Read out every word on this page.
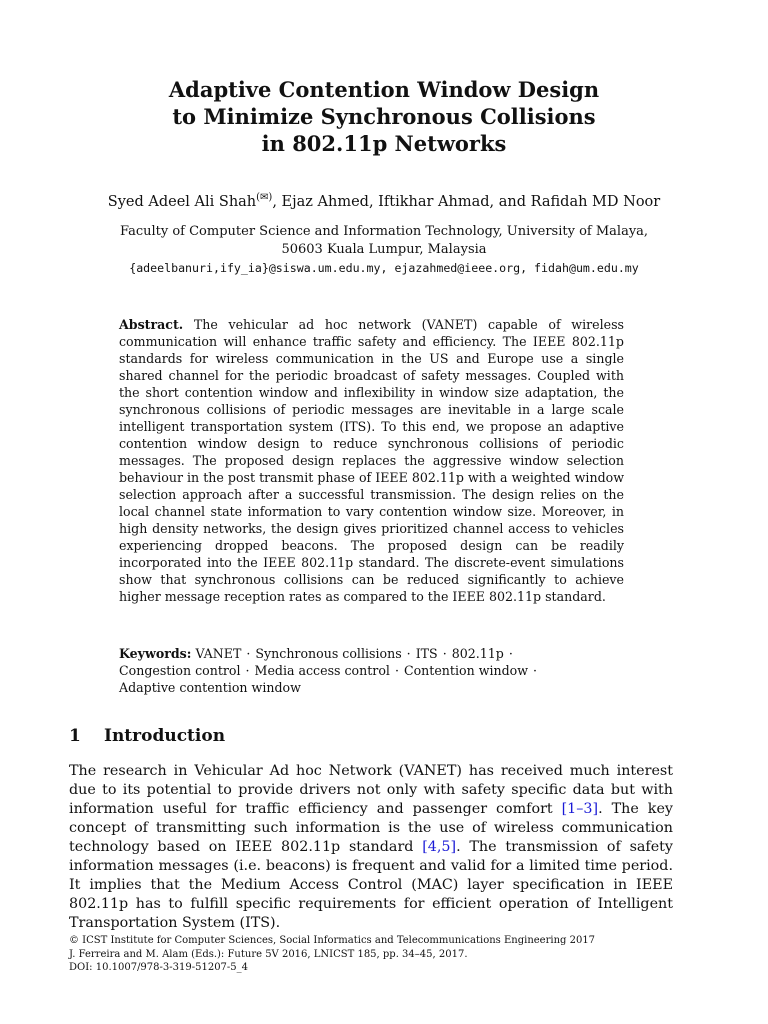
Adaptive Contention Window Design
to Minimize Synchronous Collisions
in 802.11p Networks
Syed Adeel Ali Shah(✉), Ejaz Ahmed, Iftikhar Ahmad, and Rafidah MD Noor
Faculty of Computer Science and Information Technology, University of Malaya,
50603 Kuala Lumpur, Malaysia
{adeelbanuri,ify_ia}@siswa.um.edu.my, ejazahmed@ieee.org, fidah@um.edu.my
Abstract. The vehicular ad hoc network (VANET) capable of wireless communication will enhance traffic safety and efficiency. The IEEE 802.11p standards for wireless communication in the US and Europe use a single shared channel for the periodic broadcast of safety messages. Coupled with the short contention window and inflexibility in window size adaptation, the synchronous collisions of periodic messages are inevitable in a large scale intelligent transportation system (ITS). To this end, we propose an adaptive contention window design to reduce synchronous collisions of periodic messages. The proposed design replaces the aggressive window selection behaviour in the post transmit phase of IEEE 802.11p with a weighted window selection approach after a successful transmission. The design relies on the local channel state information to vary contention window size. Moreover, in high density networks, the design gives prioritized channel access to vehicles experiencing dropped beacons. The proposed design can be readily incorporated into the IEEE 802.11p standard. The discrete-event simulations show that synchronous collisions can be reduced significantly to achieve higher message reception rates as compared to the IEEE 802.11p standard.
Keywords: VANET · Synchronous collisions · ITS · 802.11p · Congestion control · Media access control · Contention window · Adaptive contention window
1 Introduction
The research in Vehicular Ad hoc Network (VANET) has received much interest due to its potential to provide drivers not only with safety specific data but with information useful for traffic efficiency and passenger comfort [1–3]. The key concept of transmitting such information is the use of wireless communication technology based on IEEE 802.11p standard [4,5]. The transmission of safety information messages (i.e. beacons) is frequent and valid for a limited time period. It implies that the Medium Access Control (MAC) layer specification in IEEE 802.11p has to fulfill specific requirements for efficient operation of Intelligent Transportation System (ITS).
© ICST Institute for Computer Sciences, Social Informatics and Telecommunications Engineering 2017
J. Ferreira and M. Alam (Eds.): Future 5V 2016, LNICST 185, pp. 34–45, 2017.
DOI: 10.1007/978-3-319-51207-5_4
